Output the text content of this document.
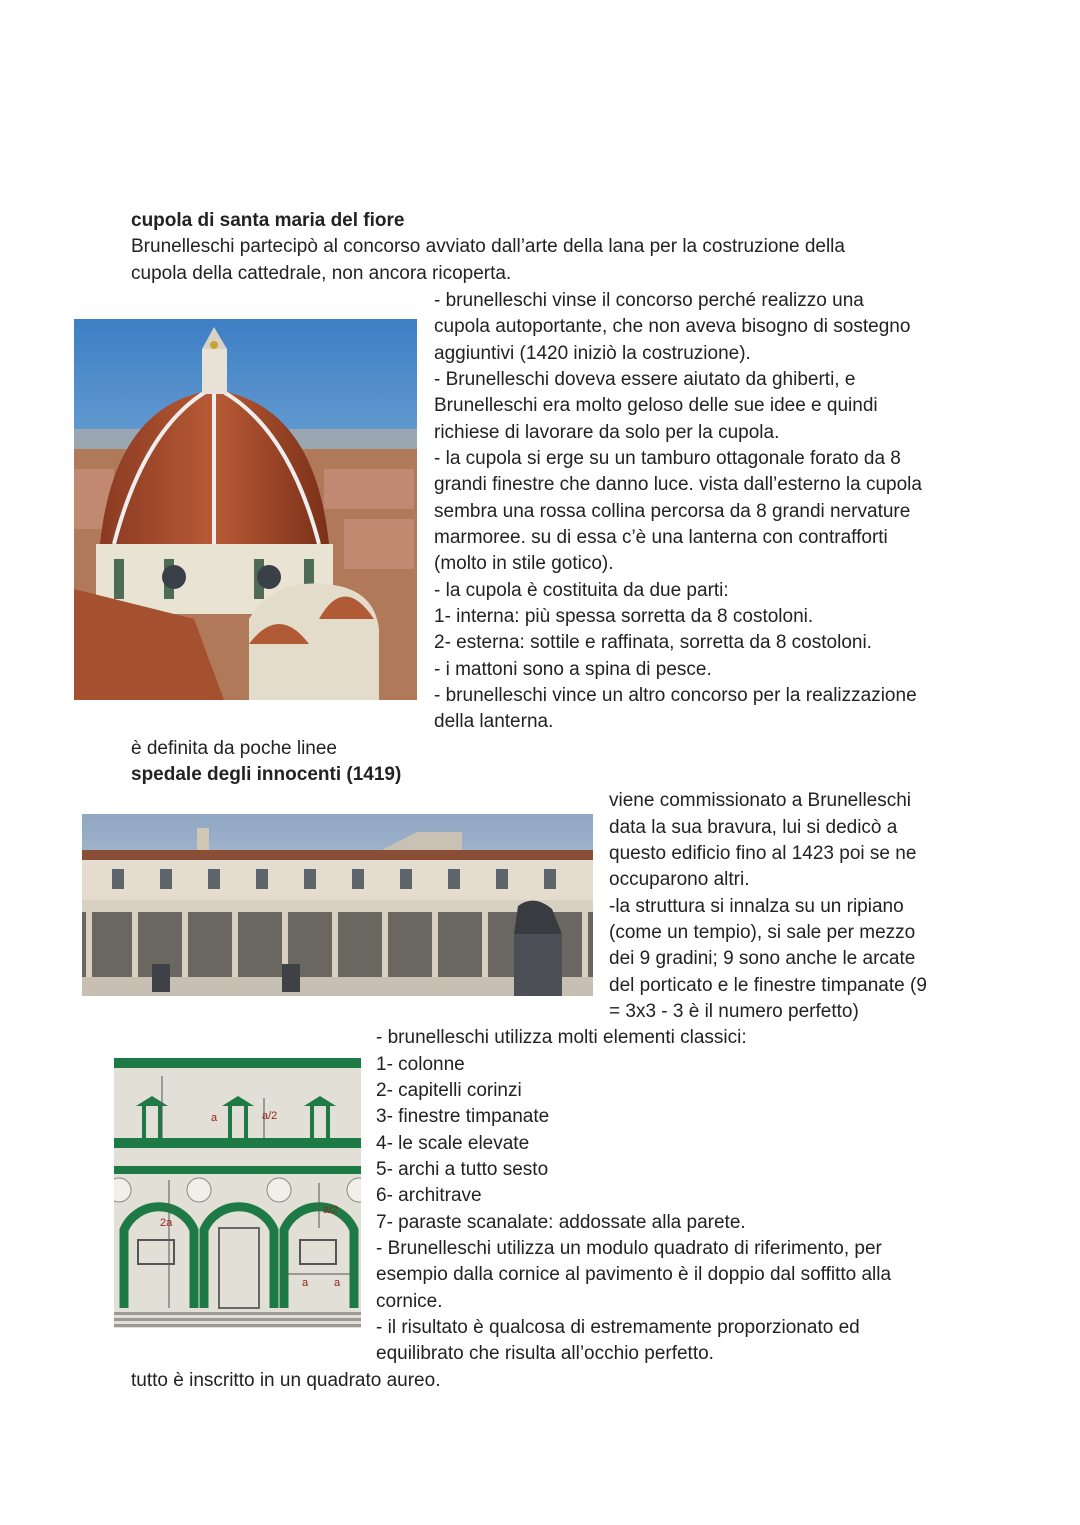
cupola di santa maria del fiore

Brunelleschi partecipò al concorso avviato dall’arte della lana per la costruzione della

cupola della cattedrale, non ancora ricoperta.

- brunelleschi vinse il concorso perché realizzo una

cupola autoportante, che non aveva bisogno di sostegno

aggiuntivi (1420 iniziò la costruzione).

- Brunelleschi doveva essere aiutato da ghiberti, e

Brunelleschi era molto geloso delle sue idee e quindi

richiese di lavorare da solo per la cupola.

- la cupola si erge su un tamburo ottagonale forato da 8

grandi finestre che danno luce. vista dall’esterno la cupola

sembra una rossa collina percorsa da 8 grandi nervature

marmoree. su di essa c’è una lanterna con contrafforti

(molto in stile gotico).

- la cupola è costituita da due parti:

1- interna: più spessa sorretta da 8 costoloni.

2- esterna: sottile e raffinata, sorretta da 8 costoloni.

- i mattoni sono a spina di pesce.

- brunelleschi vince un altro concorso per la realizzazione

della lanterna.

è definita da poche linee

spedale degli innocenti (1419)

viene commissionato a Brunelleschi

data la sua bravura, lui si dedicò a

questo edificio fino al 1423 poi se ne

occuparono altri.

-la struttura si innalza su un ripiano

(come un tempio), si sale per mezzo

dei 9 gradini; 9 sono anche le arcate

del porticato e le finestre timpanate (9

= 3x3 - 3 è il numero perfetto)

a	a/2
2a
a/2
a a

- brunelleschi utilizza molti elementi classici:

1- colonne

2- capitelli corinzi

3- finestre timpanate

4- le scale elevate

5- archi a tutto sesto

6- architrave

7- paraste scanalate: addossate alla parete.

- Brunelleschi utilizza un modulo quadrato di riferimento, per

esempio dalla cornice al pavimento è il doppio dal soffitto alla

cornice.

- il risultato è qualcosa di estremamente proporzionato ed

equilibrato che risulta all’occhio perfetto.

tutto è inscritto in un quadrato aureo.
